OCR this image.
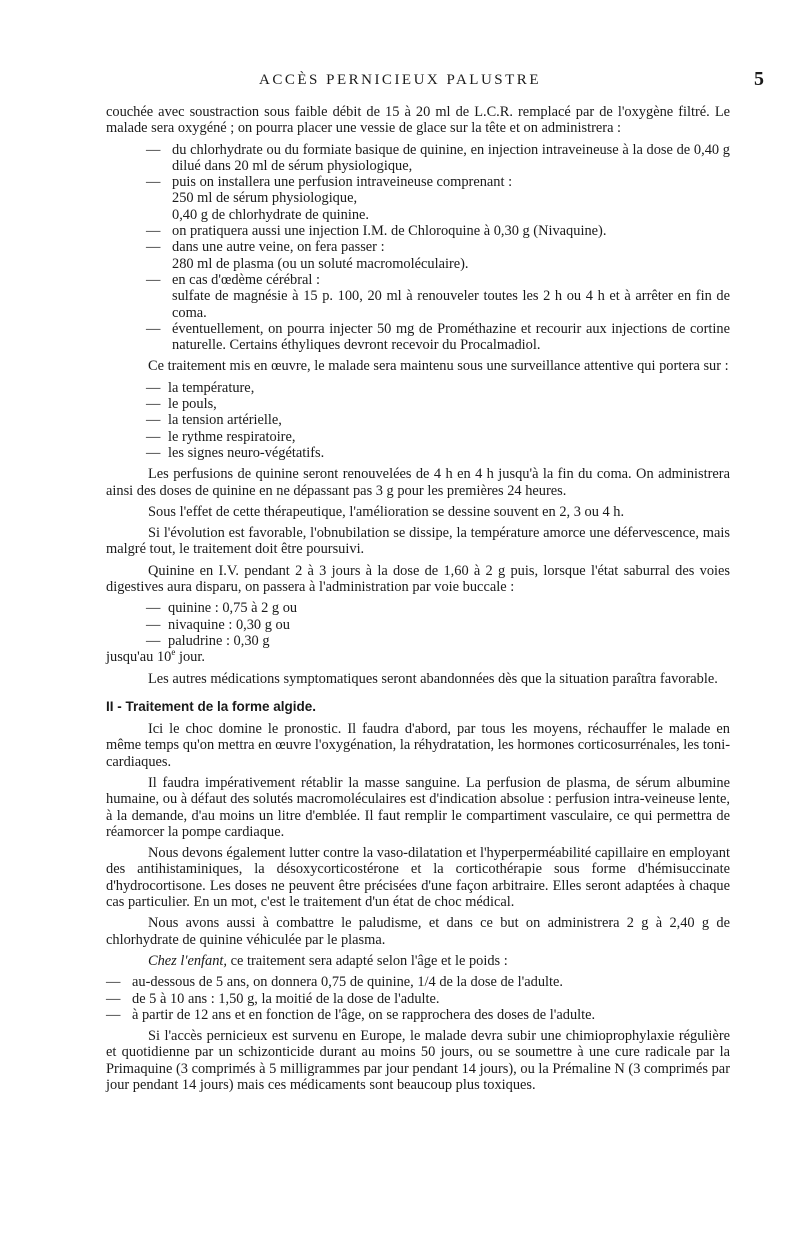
ACCÈS PERNICIEUX PALUSTRE	5

couchée avec soustraction sous faible débit de 15 à 20 ml de L.C.R. remplacé par de l'oxygène filtré. Le malade sera oxygéné ; on pourra placer une vessie de glace sur la tête et on administrera :

— du chlorhydrate ou du formiate basique de quinine, en injection intraveineuse à la dose de 0,40 g dilué dans 20 ml de sérum physiologique,
— puis on installera une perfusion intraveineuse comprenant :
250 ml de sérum physiologique,
0,40 g de chlorhydrate de quinine.
— on pratiquera aussi une injection I.M. de Chloroquine à 0,30 g (Nivaquine).
— dans une autre veine, on fera passer :
280 ml de plasma (ou un soluté macromoléculaire).
— en cas d'œdème cérébral :
sulfate de magnésie à 15 p. 100, 20 ml à renouveler toutes les 2 h ou 4 h et à arrêter en fin de coma.
— éventuellement, on pourra injecter 50 mg de Prométhazine et recourir aux injections de cortine naturelle. Certains éthyliques devront recevoir du Procalmadiol.

Ce traitement mis en œuvre, le malade sera maintenu sous une surveillance attentive qui portera sur :

— la température,
— le pouls,
— la tension artérielle,
— le rythme respiratoire,
— les signes neuro-végétatifs.

Les perfusions de quinine seront renouvelées de 4 h en 4 h jusqu'à la fin du coma. On administrera ainsi des doses de quinine en ne dépassant pas 3 g pour les premières 24 heures.

Sous l'effet de cette thérapeutique, l'amélioration se dessine souvent en 2, 3 ou 4 h.

Si l'évolution est favorable, l'obnubilation se dissipe, la température amorce une défervescence, mais malgré tout, le traitement doit être poursuivi.

Quinine en I.V. pendant 2 à 3 jours à la dose de 1,60 à 2 g puis, lorsque l'état saburral des voies digestives aura disparu, on passera à l'administration par voie buccale :

— quinine : 0,75 à 2 g ou
— nivaquine : 0,30 g ou
— paludrine : 0,30 g

jusqu'au 10e jour.

Les autres médications symptomatiques seront abandonnées dès que la situation paraîtra favorable.

II - Traitement de la forme algide.

Ici le choc domine le pronostic. Il faudra d'abord, par tous les moyens, réchauffer le malade en même temps qu'on mettra en œuvre l'oxygénation, la réhydratation, les hormones corticosurrénales, les toni-cardiaques.

Il faudra impérativement rétablir la masse sanguine. La perfusion de plasma, de sérum albumine humaine, ou à défaut des solutés macromoléculaires est d'indication absolue : perfusion intra-veineuse lente, à la demande, d'au moins un litre d'emblée. Il faut remplir le compartiment vasculaire, ce qui permettra de réamorcer la pompe cardiaque.

Nous devons également lutter contre la vaso-dilatation et l'hyperperméabilité capillaire en employant des antihistaminiques, la désoxycorticostérone et la corticothérapie sous forme d'hémisuccinate d'hydrocortisone. Les doses ne peuvent être précisées d'une façon arbitraire. Elles seront adaptées à chaque cas particulier. En un mot, c'est le traitement d'un état de choc médical.

Nous avons aussi à combattre le paludisme, et dans ce but on administrera 2 g à 2,40 g de chlorhydrate de quinine véhiculée par le plasma.

Chez l'enfant, ce traitement sera adapté selon l'âge et le poids :

— au-dessous de 5 ans, on donnera 0,75 de quinine, 1/4 de la dose de l'adulte.
— de 5 à 10 ans : 1,50 g, la moitié de la dose de l'adulte.
— à partir de 12 ans et en fonction de l'âge, on se rapprochera des doses de l'adulte.

Si l'accès pernicieux est survenu en Europe, le malade devra subir une chimioprophylaxie régulière et quotidienne par un schizonticide durant au moins 50 jours, ou se soumettre à une cure radicale par la Primaquine (3 comprimés à 5 milligrammes par jour pendant 14 jours), ou la Prémaline N (3 comprimés par jour pendant 14 jours) mais ces médicaments sont beaucoup plus toxiques.
